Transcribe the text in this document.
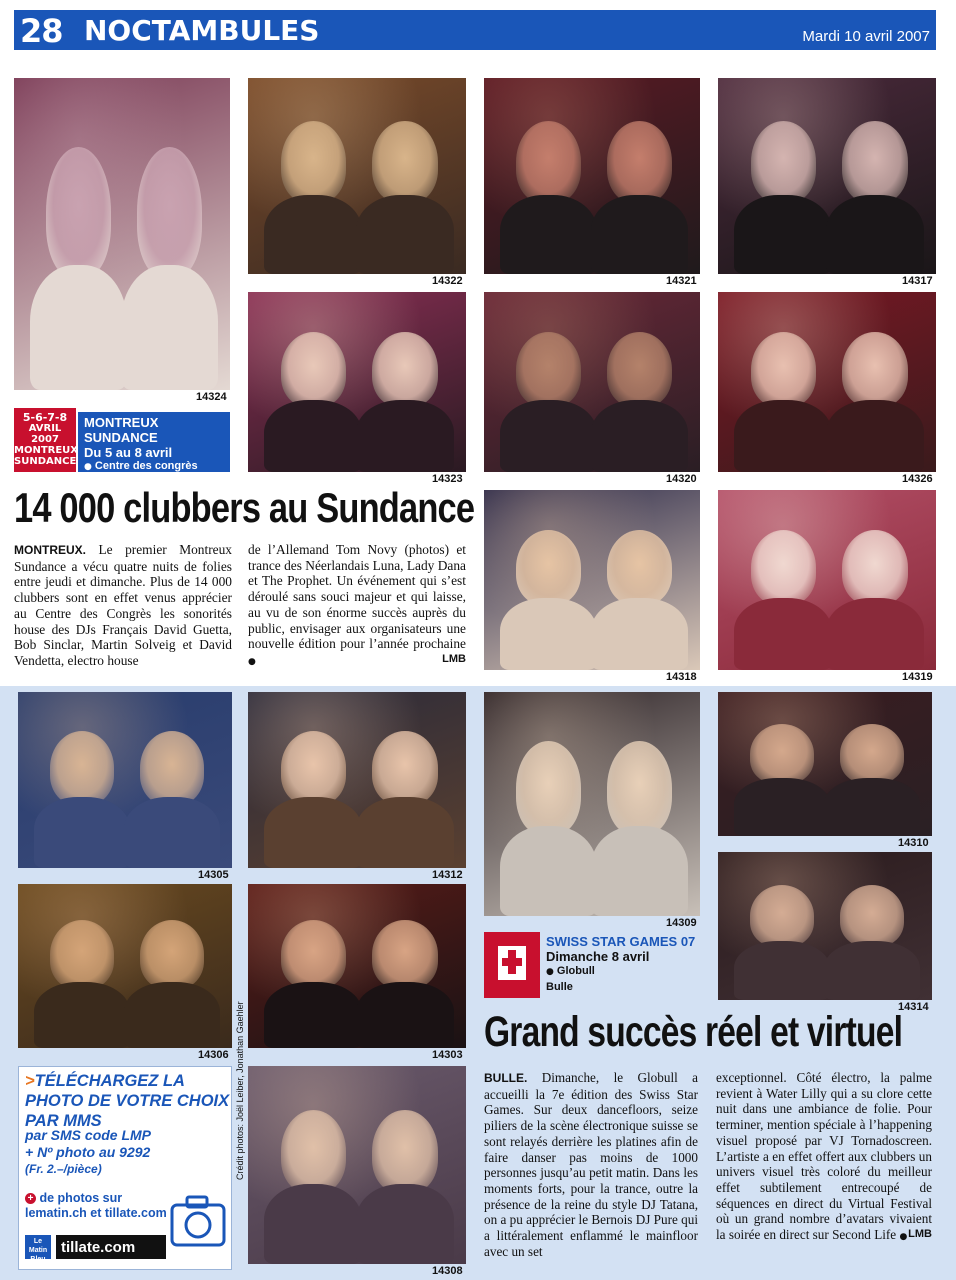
28 NOCTAMBULES	Mardi 10 avril 2007
14324
14322	14321	14317
14323	14320	14326
14318	14319
14305	14312
14309
14310
14306	14303
14314
14308
5-6-7-8
AVRIL 2007
MONTREUX
SUNDANCE
MONTREUX SUNDANCE
Du 5 au 8 avril
● Centre des congrès
Montreux
14 000 clubbers au Sundance
MONTREUX. Le premier Montreux Sundance a vécu quatre nuits de folies entre jeudi et dimanche. Plus de 14 000 clubbers sont en effet venus apprécier au Centre des Congrès les sonorités house des DJs Français David Guetta, Bob Sinclar, Martin Solveig et David Vendetta, electro house
de l’Allemand Tom Novy (photos) et trance des Néerlandais Luna, Lady Dana et The Prophet. Un événement qui s’est déroulé sans souci majeur et qui laisse, au vu de son énorme succès auprès du public, envisager aux organisateurs une nouvelle édition pour l’année prochaine ●	LMB
SWISS STAR GAMES 07
Dimanche 8 avril
● Globull
Bulle
Grand succès réel et virtuel
BULLE. Dimanche, le Globull a accueilli la 7e édition des Swiss Star Games. Sur deux dancefloors, seize piliers de la scène électronique suisse se sont relayés derrière les platines afin de faire danser pas moins de 1000 personnes jusqu’au petit matin. Dans les moments forts, pour la trance, outre la présence de la reine du style DJ Tatana, on a pu apprécier le Bernois DJ Pure qui a littéralement enflammé le mainfloor avec un set
exceptionnel. Côté électro, la palme revient à Water Lilly qui a su clore cette nuit dans une ambiance de folie. Pour terminer, mention spéciale à l’happening visuel proposé par VJ Tornadoscreen. L’artiste a en effet offert aux clubbers un univers visuel très coloré du meilleur effet subtilement entrecoupé de séquences en direct du Virtual Festival où un grand nombre d’avatars vivaient la soirée en direct sur Second Life ● LMB
>TÉLÉCHARGEZ LA PHOTO DE VOTRE CHOIX PAR MMS
par SMS code LMP
+ Nº photo au 9292
(Fr. 2.–/pièce)
+ de photos sur
lematin.ch et tillate.com
Le Matin Bleu
tillate.com
Crédit photos: Joël Leiber, Jonathan Gaehler
